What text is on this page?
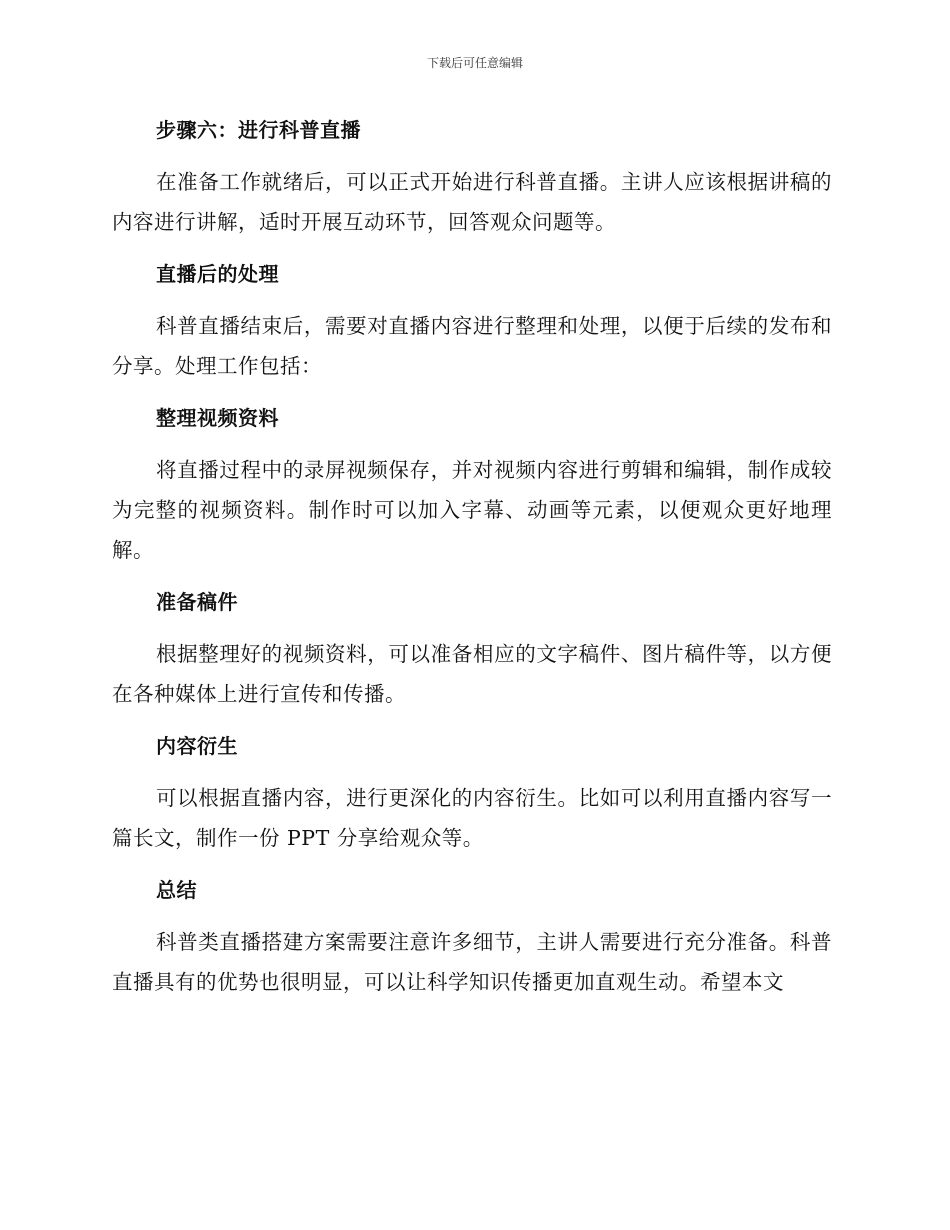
下载后可任意编辑
步骤六：进行科普直播

在准备工作就绪后，可以正式开始进行科普直播。主讲人应该根据讲稿的内容进行讲解，适时开展互动环节，回答观众问题等。

直播后的处理

科普直播结束后，需要对直播内容进行整理和处理，以便于后续的发布和分享。处理工作包括：

整理视频资料

将直播过程中的录屏视频保存，并对视频内容进行剪辑和编辑，制作成较为完整的视频资料。制作时可以加入字幕、动画等元素，以便观众更好地理解。

准备稿件

根据整理好的视频资料，可以准备相应的文字稿件、图片稿件等，以方便在各种媒体上进行宣传和传播。

内容衍生

可以根据直播内容，进行更深化的内容衍生。比如可以利用直播内容写一篇长文，制作一份 PPT 分享给观众等。

总结

科普类直播搭建方案需要注意许多细节，主讲人需要进行充分准备。科普直播具有的优势也很明显，可以让科学知识传播更加直观生动。希望本文
